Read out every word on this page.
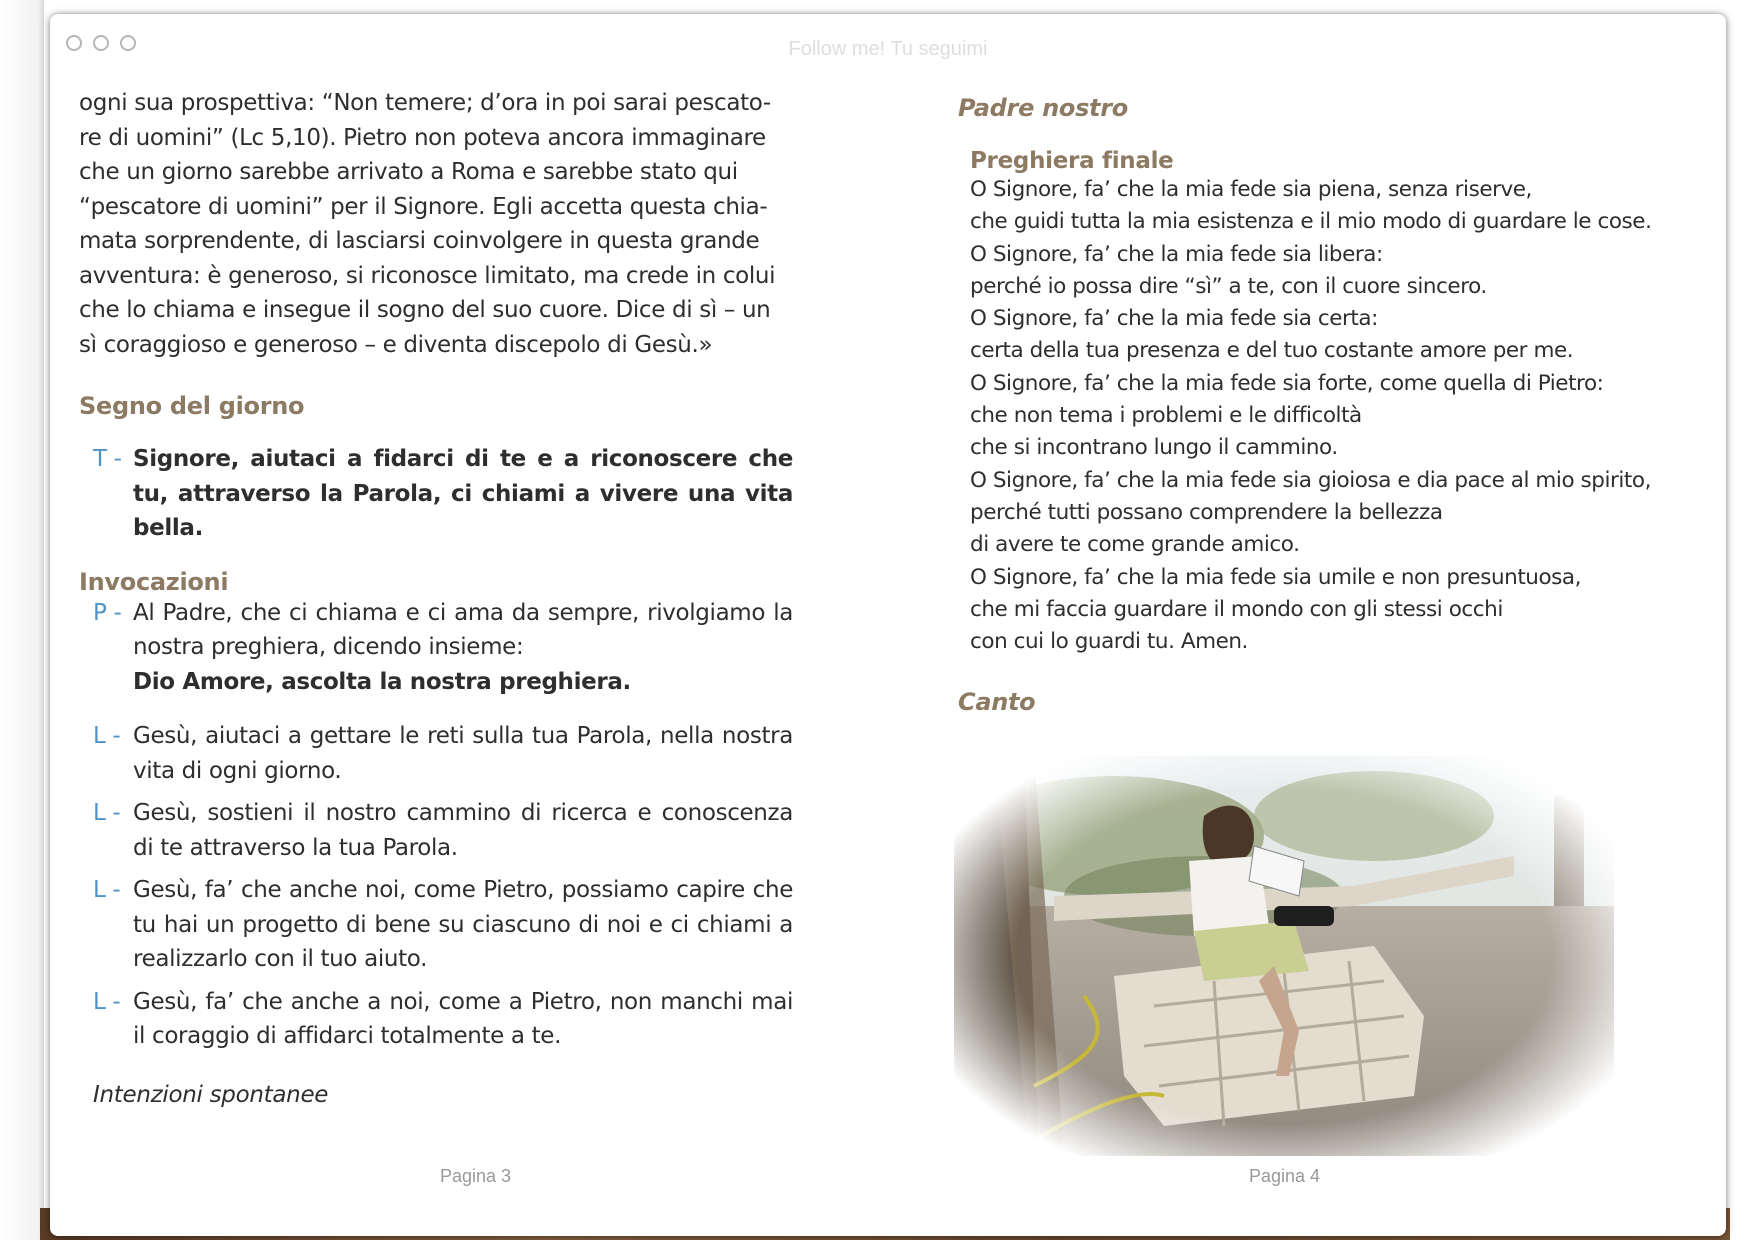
Follow me! Tu seguimi

ogni sua prospettiva: “Non temere; d’ora in poi sarai pescato-

re di uomini” (Lc 5,10). Pietro non poteva ancora immaginare

che un giorno sarebbe arrivato a Roma e sarebbe stato qui

“pescatore di uomini” per il Signore. Egli accetta questa chia-

mata sorprendente, di lasciarsi coinvolgere in questa grande

avventura: è generoso, si riconosce limitato, ma crede in colui

che lo chiama e insegue il sogno del suo cuore. Dice di sì – un

sì coraggioso e generoso – e diventa discepolo di Gesù.»

Segno del giorno
T - Signore, aiutaci a fidarci di te e a riconoscere che tu, attraverso la Parola, ci chiami a vivere una vita bella.
Invocazioni
P - Al Padre, che ci chiama e ci ama da sempre, rivolgiamo la nostra preghiera, dicendo insieme:
Dio Amore, ascolta la nostra preghiera.
L - Gesù, aiutaci a gettare le reti sulla tua Parola, nella nostra vita di ogni giorno.
L - Gesù, sostieni il nostro cammino di ricerca e conoscenza di te attraverso la tua Parola.
L - Gesù, fa’ che anche noi, come Pietro, possiamo capire che tu hai un progetto di bene su ciascuno di noi e ci chiami a realizzarlo con il tuo aiuto.
L - Gesù, fa’ che anche a noi, come a Pietro, non manchi mai il coraggio di affidarci totalmente a te.

Intenzioni spontanee

Pagina 3
Padre nostro
Preghiera finale

O Signore, fa’ che la mia fede sia piena, senza riserve,

che guidi tutta la mia esistenza e il mio modo di guardare le cose.

O Signore, fa’ che la mia fede sia libera:

perché io possa dire “sì” a te, con il cuore sincero.

O Signore, fa’ che la mia fede sia certa:

certa della tua presenza e del tuo costante amore per me.

O Signore, fa’ che la mia fede sia forte, come quella di Pietro:

che non tema i problemi e le difficoltà

che si incontrano lungo il cammino.

O Signore, fa’ che la mia fede sia gioiosa e dia pace al mio spirito,

perché tutti possano comprendere la bellezza

di avere te come grande amico.

O Signore, fa’ che la mia fede sia umile e non presuntuosa,

che mi faccia guardare il mondo con gli stessi occhi

con cui lo guardi tu. Amen.

Canto
Pagina 4
